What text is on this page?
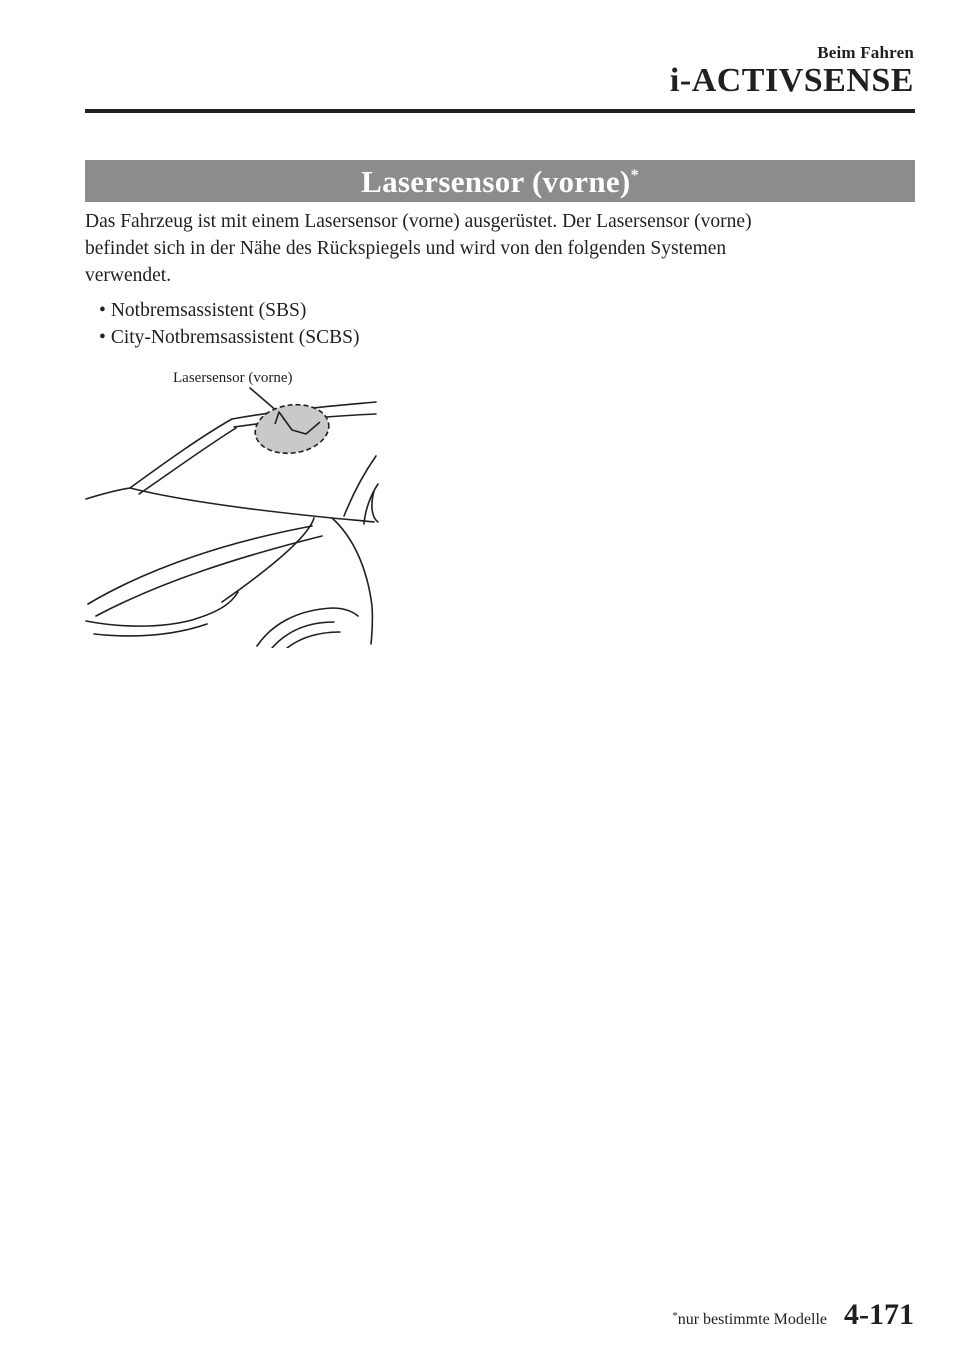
Beim Fahren
i-ACTIVSENSE
Lasersensor (vorne)*
Das Fahrzeug ist mit einem Lasersensor (vorne) ausgerüstet. Der Lasersensor (vorne)
befindet sich in der Nähe des Rückspiegels und wird von den folgenden Systemen
verwendet.
• Notbremsassistent (SBS)
• City-Notbremsassistent (SCBS)
Lasersensor (vorne)
*nur bestimmte Modelle 4-171
